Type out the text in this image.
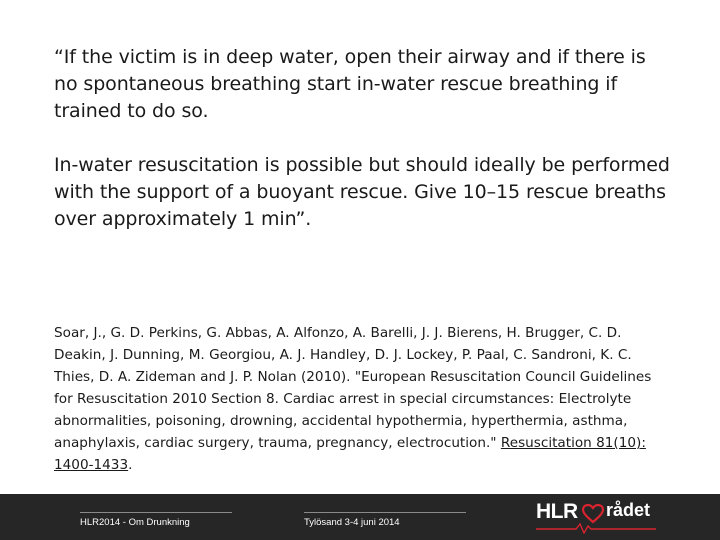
“If the victim is in deep water, open their airway and if there is no spontaneous breathing start in-water rescue breathing if trained to do so.

In-water resuscitation is possible but should ideally be performed with the support of a buoyant rescue. Give 10–15 rescue breaths over approximately 1 min”.

Soar, J., G. D. Perkins, G. Abbas, A. Alfonzo, A. Barelli, J. J. Bierens, H. Brugger, C. D. Deakin, J. Dunning, M. Georgiou, A. J. Handley, D. J. Lockey, P. Paal, C. Sandroni, K. C. Thies, D. A. Zideman and J. P. Nolan (2010). "European Resuscitation Council Guidelines for Resuscitation 2010 Section 8. Cardiac arrest in special circumstances: Electrolyte abnormalities, poisoning, drowning, accidental hypothermia, hyperthermia, asthma, anaphylaxis, cardiac surgery, trauma, pregnancy, electrocution." Resuscitation 81(10): 1400-1433.

HLR2014 - Om Drunkning	Tylösand 3-4 juni 2014	HLR rådet
